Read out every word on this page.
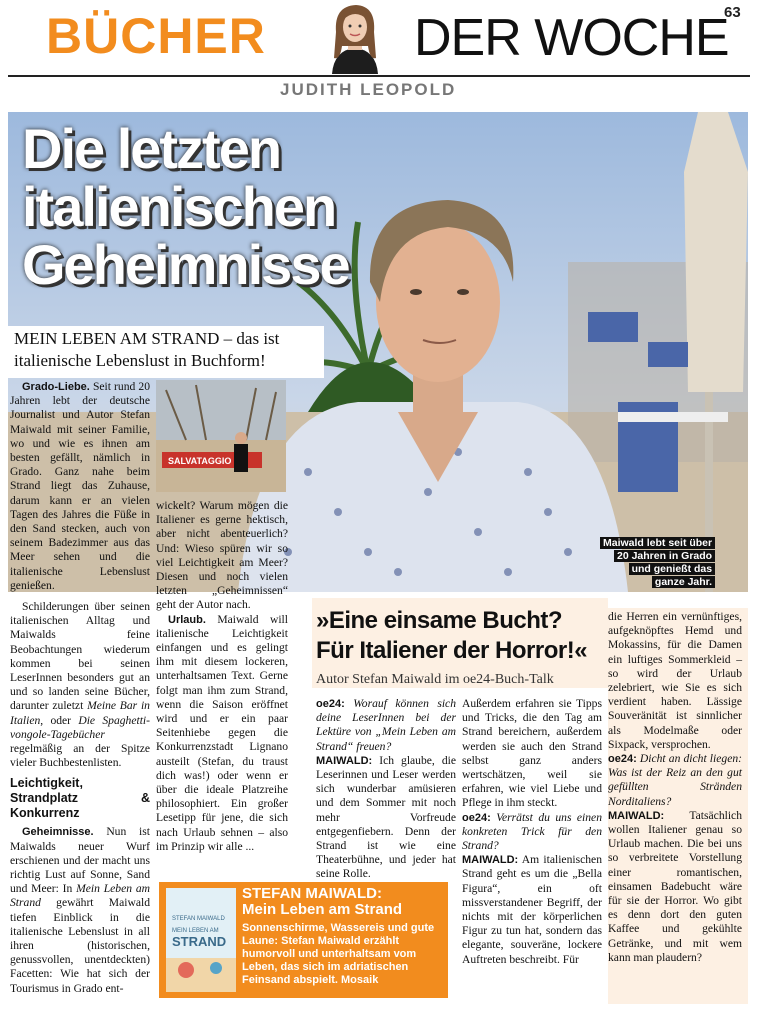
BÜCHER	DER WOCHE
63
JUDITH LEOPOLD
Die letzten
italienischen
Geheimnisse
MEIN LEBEN AM STRAND – das ist italienische Lebenslust in Buchform!
Maiwald lebt seit über
20 Jahren in Grado
und genießt das
ganze Jahr.

Grado-Liebe. Seit rund 20 Jahren lebt der deutsche Journalist und Autor Stefan Maiwald mit seiner Familie, wo und wie es ihnen am besten gefällt, nämlich in Grado. Ganz nahe beim Strand liegt das Zuhause, darum kann er an vielen Tagen des Jahres die Füße in den Sand stecken, auch von seinem Badezimmer aus das Meer sehen und die italienische Lebenslust genießen.

Schilderungen über seinen italienischen Alltag und Maiwalds feine Beobachtungen wiederum kommen bei seinen LeserInnen besonders gut an und so landen seine Bücher, darunter zuletzt Meine Bar in Italien, oder Die Spaghetti-vongole-Tagebücher regelmäßig an der Spitze vieler Buchbestenlisten.

Leichtigkeit, Strandplatz & Konkurrenz

Geheimnisse. Nun ist Maiwalds neuer Wurf erschienen und der macht uns richtig Lust auf Sonne, Sand und Meer: In Mein Leben am Strand gewährt Maiwald tiefen Einblick in die italienische Lebenslust in all ihren (historischen, genussvollen, unentdeckten) Facetten: Wie hat sich der Tourismus in Grado ent-

SALVATAGGIO

wickelt? Warum mögen die Italiener es gerne hektisch, aber nicht abenteuerlich? Und: Wieso spüren wir so viel Leichtigkeit am Meer? Diesen und noch vielen letzten „Geheimnissen“ geht der Autor nach.

Urlaub. Maiwald will italienische Leichtigkeit einfangen und es gelingt ihm mit diesem lockeren, unterhaltsamen Text. Gerne folgt man ihm zum Strand, wenn die Saison eröffnet wird und er ein paar Seitenhiebe gegen die Konkurrenzstadt Lignano austeilt (Stefan, du traust dich was!) oder wenn er über die ideale Platzreihe philosophiert. Ein großer Lesetipp für jene, die sich nach Urlaub sehnen – also im Prinzip wir alle ...

STEFAN MAIWALD
MEIN LEBEN AM
STRAND
STEFAN MAIWALD:
Mein Leben am Strand
Sonnenschirme, Wassereis und gute Laune: Stefan Maiwald erzählt humorvoll und unterhaltsam vom Leben, das sich im adriatischen Feinsand abspielt. Mosaik
»Eine einsame Bucht?
Für Italiener der Horror!«
Autor Stefan Maiwald im oe24-Buch-Talk

oe24: Worauf können sich deine LeserInnen bei der Lektüre von „Mein Leben am Strand“ freuen?

MAIWALD: Ich glaube, die Leserinnen und Leser werden sich wunderbar amüsieren und dem Sommer mit noch mehr Vorfreude entgegenfiebern. Denn der Strand ist wie eine Theaterbühne, und jeder hat seine Rolle.

Außerdem erfahren sie Tipps und Tricks, die den Tag am Strand bereichern, außerdem werden sie auch den Strand selbst ganz anders wertschätzen, weil sie erfahren, wie viel Liebe und Pflege in ihm steckt.

oe24: Verrätst du uns einen konkreten Trick für den Strand?

MAIWALD: Am italienischen Strand geht es um die „Bella Figura“, ein oft missverstandener Begriff, der nichts mit der körperlichen Figur zu tun hat, sondern das elegante, souveräne, lockere Auftreten beschreibt. Für

die Herren ein vernünftiges, aufgeknöpftes Hemd und Mokassins, für die Damen ein luftiges Sommerkleid – so wird der Urlaub zelebriert, wie Sie es sich verdient haben. Lässige Souveränität ist sinnlicher als Modelmaße oder Sixpack, versprochen.

oe24: Dicht an dicht liegen: Was ist der Reiz an den gut gefüllten Stränden Norditaliens?

MAIWALD: Tatsächlich wollen Italiener genau so Urlaub machen. Die bei uns so verbreitete Vorstellung einer romantischen, einsamen Badebucht wäre für sie der Horror. Wo gibt es denn dort den guten Kaffee und gekühlte Getränke, und mit wem kann man plaudern?
